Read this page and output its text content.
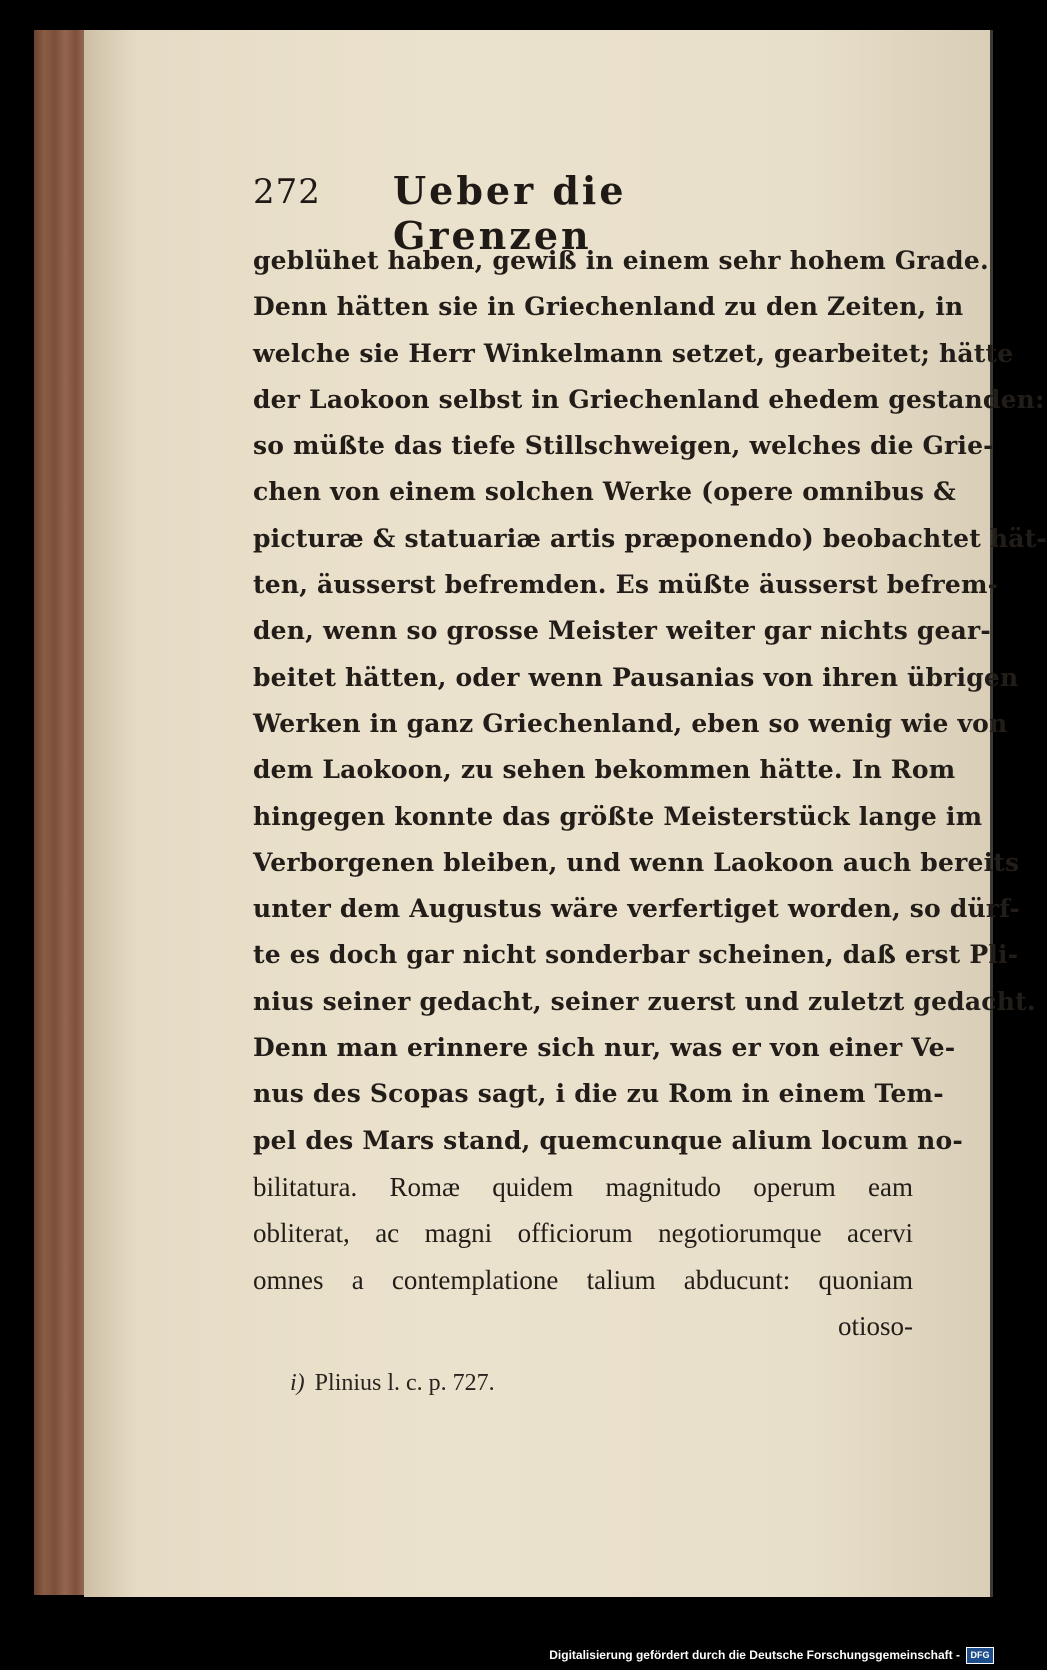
272 Ueber die Grenzen
geblühet haben, gewiß in einem sehr hohem Grade.
Denn hätten sie in Griechenland zu den Zeiten, in
welche sie Herr Winkelmann setzet, gearbeitet; hätte
der Laokoon selbst in Griechenland ehedem gestanden:
so müßte das tiefe Stillschweigen, welches die Grie-
chen von einem solchen Werke (opere omnibus &
picturæ & statuariæ artis præponendo) beobachtet hät-
ten, äusserst befremden. Es müßte äusserst befrem-
den, wenn so grosse Meister weiter gar nichts gear-
beitet hätten, oder wenn Pausanias von ihren übrigen
Werken in ganz Griechenland, eben so wenig wie von
dem Laokoon, zu sehen bekommen hätte. In Rom
hingegen konnte das größte Meisterstück lange im
Verborgenen bleiben, und wenn Laokoon auch bereits
unter dem Augustus wäre verfertiget worden, so dürf-
te es doch gar nicht sonderbar scheinen, daß erst Pli-
nius seiner gedacht, seiner zuerst und zuletzt gedacht.
Denn man erinnere sich nur, was er von einer Ve-
nus des Scopas sagt, i die zu Rom in einem Tem-
pel des Mars stand, quemcunque alium locum no-
bilitatura. Romæ quidem magnitudo operum eam
obliterat, ac magni officiorum negotiorumque acervi
omnes a contemplatione talium abducunt: quoniam
otioso-
i) Plinius l. c. p. 727.
Digitalisierung gefördert durch die Deutsche Forschungsgemeinschaft -	DFG
